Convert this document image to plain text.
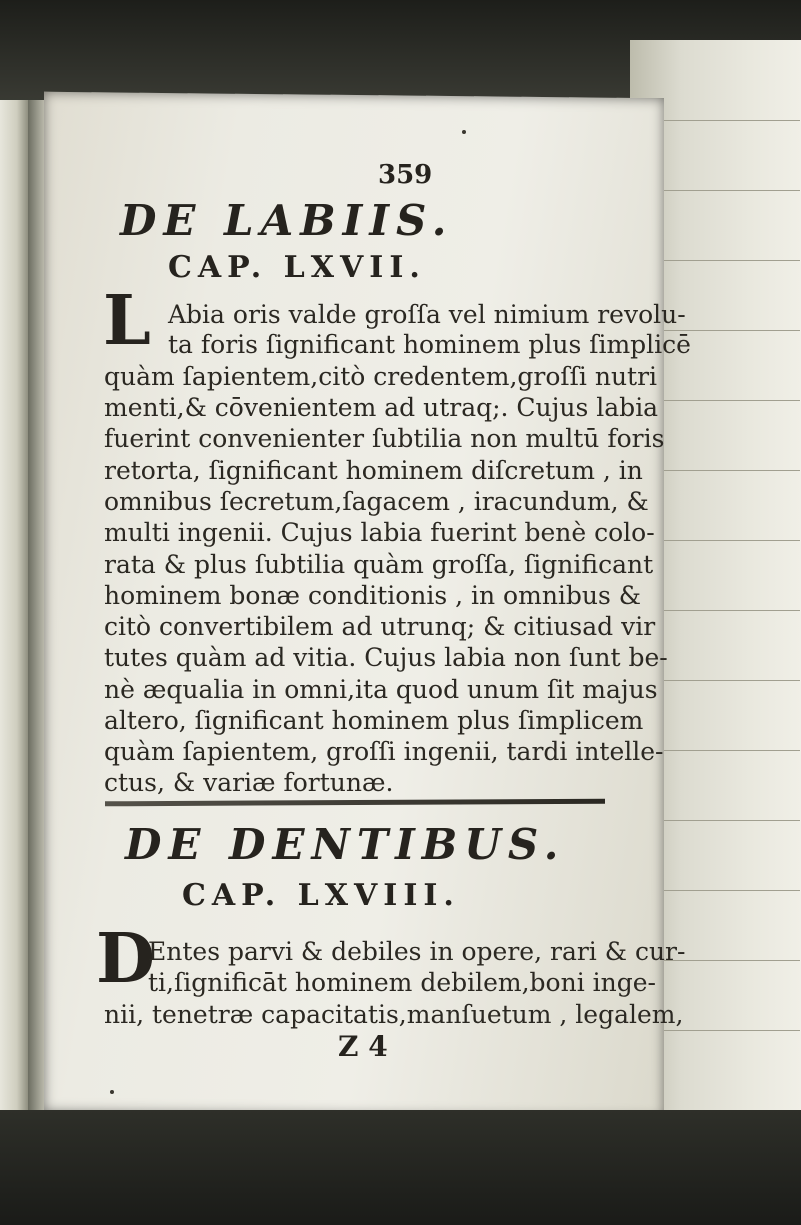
359
DE LABIIS.
CAP. LXVII.
L Abia oris valde groſſa vel nimium revolu-
ta foris ſignificant hominem plus ſimplicē
quàm ſapientem,citò credentem,groſſi nutri
menti,& cōvenientem ad utraq;. Cujus labia
fuerint convenienter ſubtilia non multū foris
retorta, ſignificant hominem diſcretum , in
omnibus ſecretum,ſagacem , iracundum, &
multi ingenii. Cujus labia fuerint benè colo-
rata & plus ſubtilia quàm groſſa, ſignificant
hominem bonæ conditionis , in omnibus &
citò convertibilem ad utrunq; & citiusad vir
tutes quàm ad vitia. Cujus labia non ſunt be-
nè æqualia in omni,ita quod unum ſit majus
altero, ſignificant hominem plus ſimplicem
quàm ſapientem, groſſi ingenii, tardi intelle-
ctus, & variæ fortunæ.
DE DENTIBUS.
CAP. LXVIII.
D
Entes parvi & debiles in opere, rari & cur-
ti,ſignificāt hominem debilem,boni inge-
nii, tenetræ capacitatis,manſuetum , legalem,
Z 4
